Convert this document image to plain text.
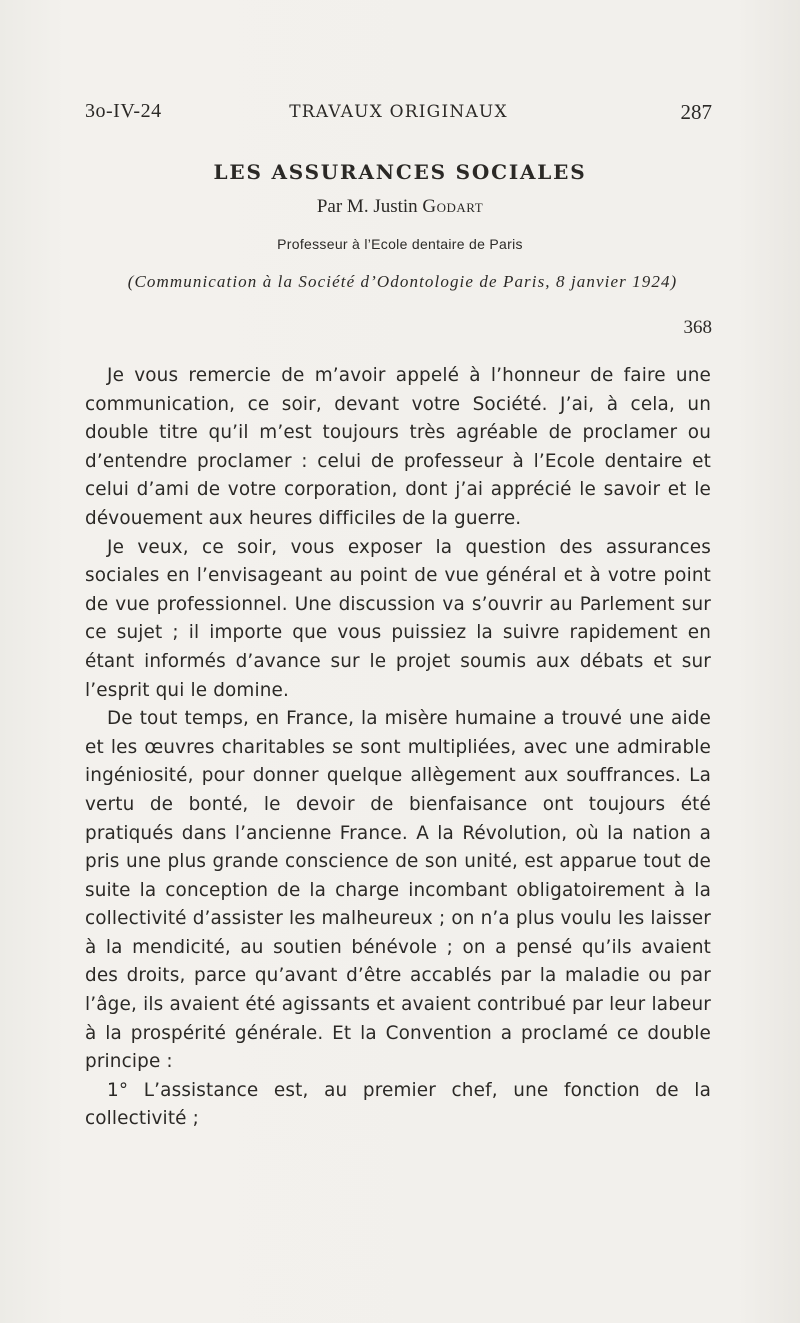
3o-IV-24	TRAVAUX ORIGINAUX	287
LES ASSURANCES SOCIALES
Par M. Justin Godart
Professeur à l’Ecole dentaire de Paris
(Communication à la Société d’Odontologie de Paris, 8 janvier 1924)
368

Je vous remercie de m’avoir appelé à l’honneur de faire une communication, ce soir, devant votre Société. J’ai, à cela, un double titre qu’il m’est toujours très agréable de proclamer ou d’entendre proclamer : celui de professeur à l’Ecole dentaire et celui d’ami de votre corporation, dont j’ai apprécié le savoir et le dévouement aux heures difficiles de la guerre.

Je veux, ce soir, vous exposer la question des assurances sociales en l’envisageant au point de vue général et à votre point de vue professionnel. Une discussion va s’ouvrir au Parlement sur ce sujet ; il importe que vous puissiez la suivre rapidement en étant informés d’avance sur le projet soumis aux débats et sur l’esprit qui le domine.

De tout temps, en France, la misère humaine a trouvé une aide et les œuvres charitables se sont multipliées, avec une admirable ingéniosité, pour donner quelque allègement aux souffrances. La vertu de bonté, le devoir de bienfaisance ont toujours été pratiqués dans l’ancienne France. A la Révolution, où la nation a pris une plus grande conscience de son unité, est apparue tout de suite la conception de la charge incombant obligatoirement à la collectivité d’assister les malheureux ; on n’a plus voulu les laisser à la mendicité, au soutien bénévole ; on a pensé qu’ils avaient des droits, parce qu’avant d’être accablés par la maladie ou par l’âge, ils avaient été agissants et avaient contribué par leur labeur à la prospérité générale. Et la Convention a proclamé ce double principe :

1° L’assistance est, au premier chef, une fonction de la collectivité ;
